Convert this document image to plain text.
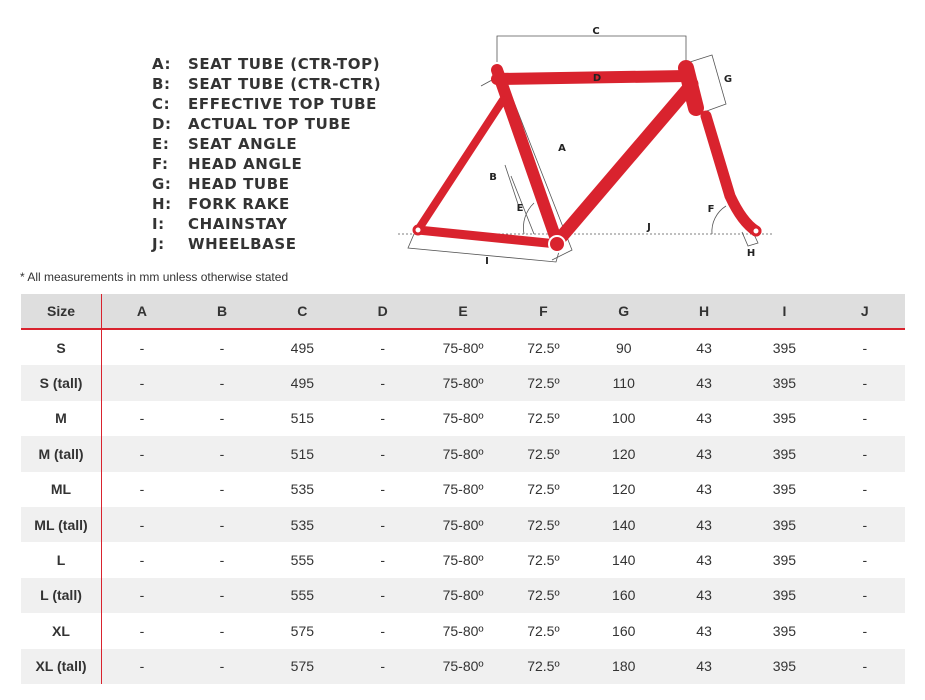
A: SEAT TUBE (CTR-TOP)
B: SEAT TUBE (CTR-CTR)
C: EFFECTIVE TOP TUBE
D: ACTUAL TOP TUBE
E: SEAT ANGLE
F: HEAD ANGLE
G: HEAD TUBE
H: FORK RAKE
I: CHAINSTAY
J: WHEELBASE
C
D	G
A
B
E	F
J
H
I
* All measurements in mm unless otherwise stated
Size	A	B	C	D	E	F	G	H	I	J
S	-	-	495	-	75-80º	72.5º	90	43	395	-
S (tall)	-	-	495	-	75-80º	72.5º	110	43	395	-
M	-	-	515	-	75-80º	72.5º	100	43	395	-
M (tall)	-	-	515	-	75-80º	72.5º	120	43	395	-
ML	-	-	535	-	75-80º	72.5º	120	43	395	-
ML (tall)	-	-	535	-	75-80º	72.5º	140	43	395	-
L	-	-	555	-	75-80º	72.5º	140	43	395	-
L (tall)	-	-	555	-	75-80º	72.5º	160	43	395	-
XL	-	-	575	-	75-80º	72.5º	160	43	395	-
XL (tall)	-	-	575	-	75-80º	72.5º	180	43	395	-
